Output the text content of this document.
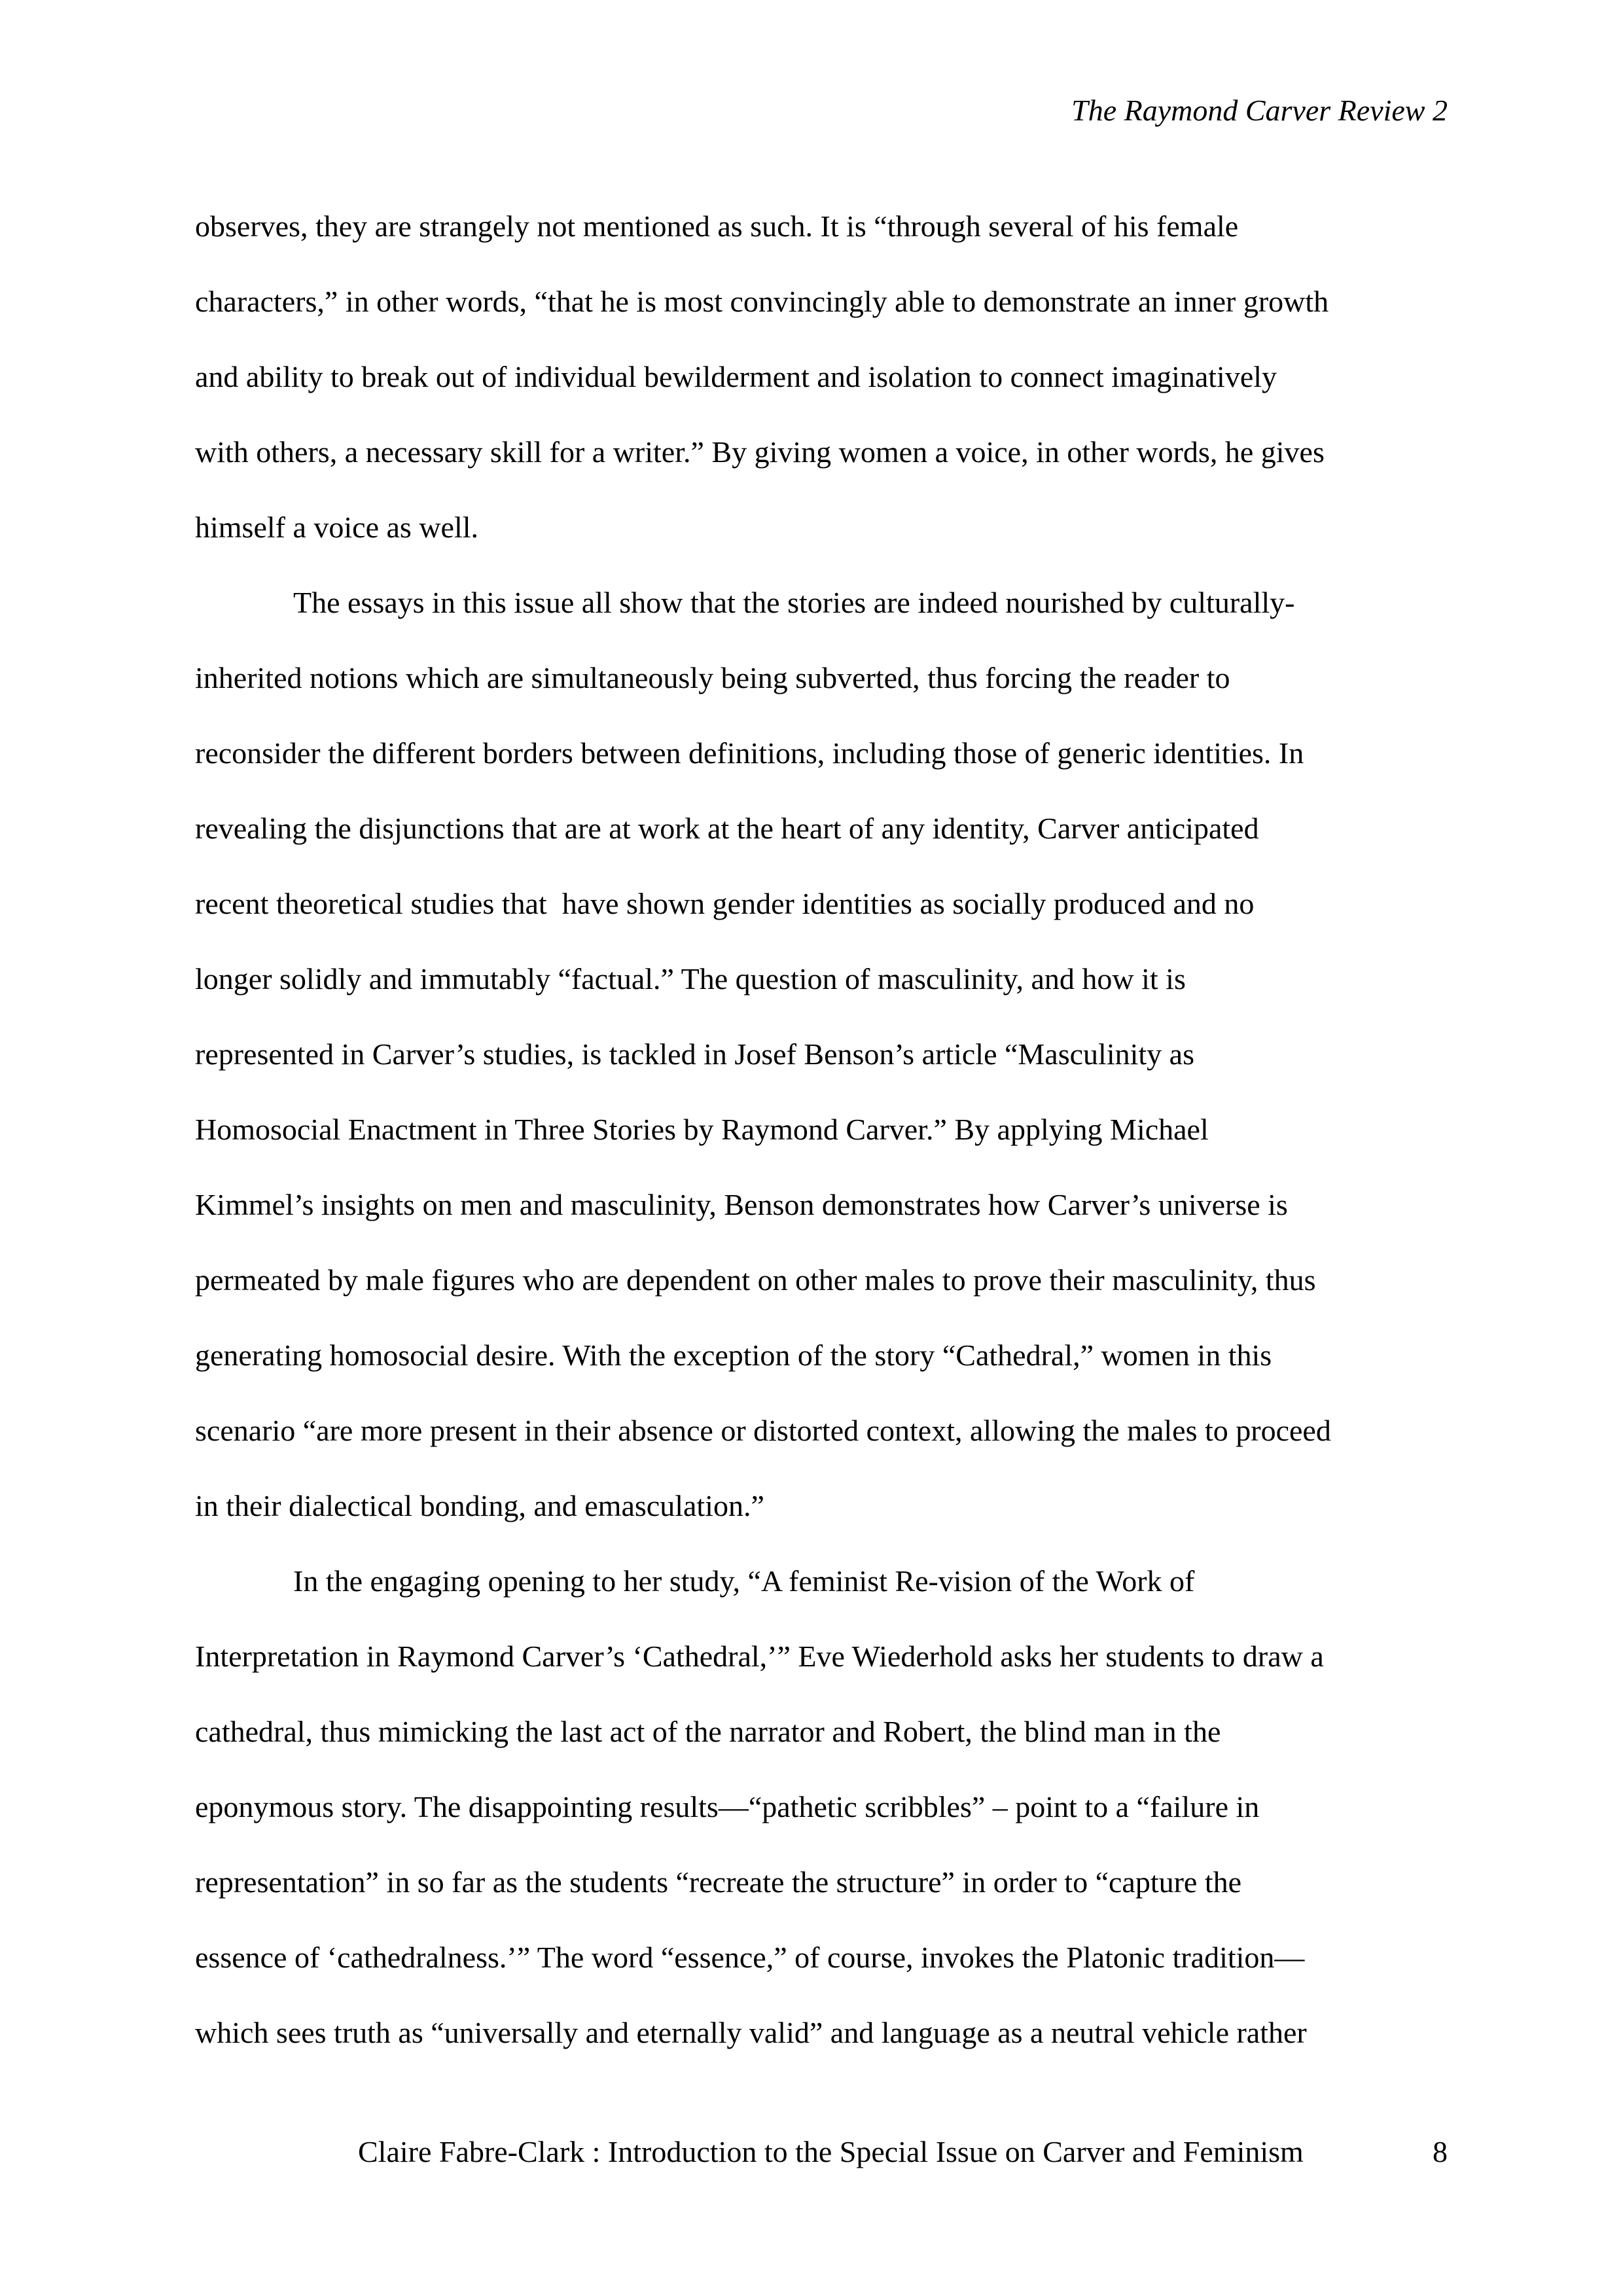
The Raymond Carver Review 2
observes, they are strangely not mentioned as such. It is “through several of his female
characters,” in other words, “that he is most convincingly able to demonstrate an inner growth
and ability to break out of individual bewilderment and isolation to connect imaginatively
with others, a necessary skill for a writer.” By giving women a voice, in other words, he gives
himself a voice as well.
The essays in this issue all show that the stories are indeed nourished by culturally-
inherited notions which are simultaneously being subverted, thus forcing the reader to
reconsider the different borders between definitions, including those of generic identities. In
revealing the disjunctions that are at work at the heart of any identity, Carver anticipated
recent theoretical studies that  have shown gender identities as socially produced and no
longer solidly and immutably “factual.” The question of masculinity, and how it is
represented in Carver’s studies, is tackled in Josef Benson’s article “Masculinity as
Homosocial Enactment in Three Stories by Raymond Carver.” By applying Michael
Kimmel’s insights on men and masculinity, Benson demonstrates how Carver’s universe is
permeated by male figures who are dependent on other males to prove their masculinity, thus
generating homosocial desire. With the exception of the story “Cathedral,” women in this
scenario “are more present in their absence or distorted context, allowing the males to proceed
in their dialectical bonding, and emasculation.”
In the engaging opening to her study, “A feminist Re-vision of the Work of
Interpretation in Raymond Carver’s ‘Cathedral,’” Eve Wiederhold asks her students to draw a
cathedral, thus mimicking the last act of the narrator and Robert, the blind man in the
eponymous story. The disappointing results—“pathetic scribbles” – point to a “failure in
representation” in so far as the students “recreate the structure” in order to “capture the
essence of ‘cathedralness.’” The word “essence,” of course, invokes the Platonic tradition—
which sees truth as “universally and eternally valid” and language as a neutral vehicle rather
Claire Fabre-Clark : Introduction to the Special Issue on Carver and Feminism	8
